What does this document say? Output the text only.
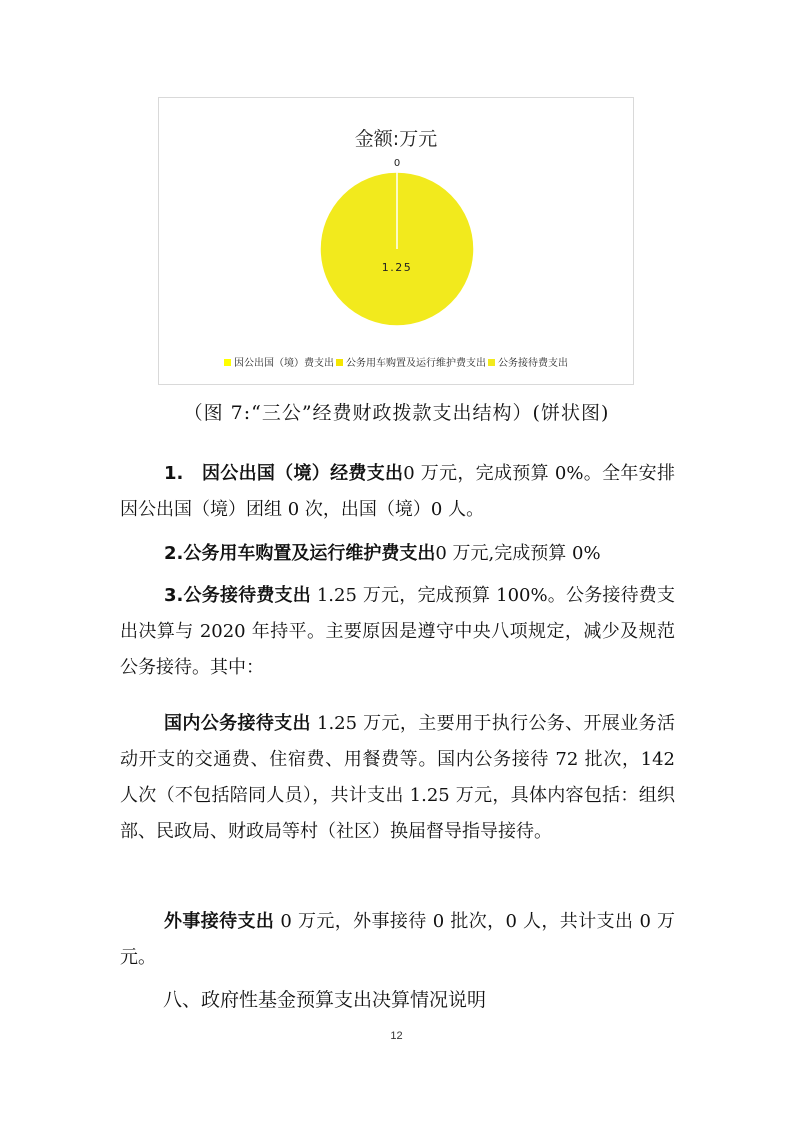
金额:万元
0
1.25
因公出国（境）费支出 公务用车购置及运行维护费支出 公务接待费支出
（图 7:“三公”经费财政拨款支出结构）(饼状图)

1.　因公出国（境）经费支出0 万元，完成预算 0%。全年安排因公出国（境）团组 0 次，出国（境）0 人。

2.公务用车购置及运行维护费支出0 万元,完成预算 0%

3.公务接待费支出 1.25 万元，完成预算 100%。公务接待费支出决算与 2020 年持平。主要原因是遵守中央八项规定，减少及规范公务接待。其中：

国内公务接待支出 1.25 万元，主要用于执行公务、开展业务活动开支的交通费、住宿费、用餐费等。国内公务接待 72 批次，142 人次（不包括陪同人员），共计支出 1.25 万元，具体内容包括：组织部、民政局、财政局等村（社区）换届督导指导接待。

外事接待支出 0 万元，外事接待 0 批次，0 人，共计支出 0 万元。

八、政府性基金预算支出决算情况说明
12
